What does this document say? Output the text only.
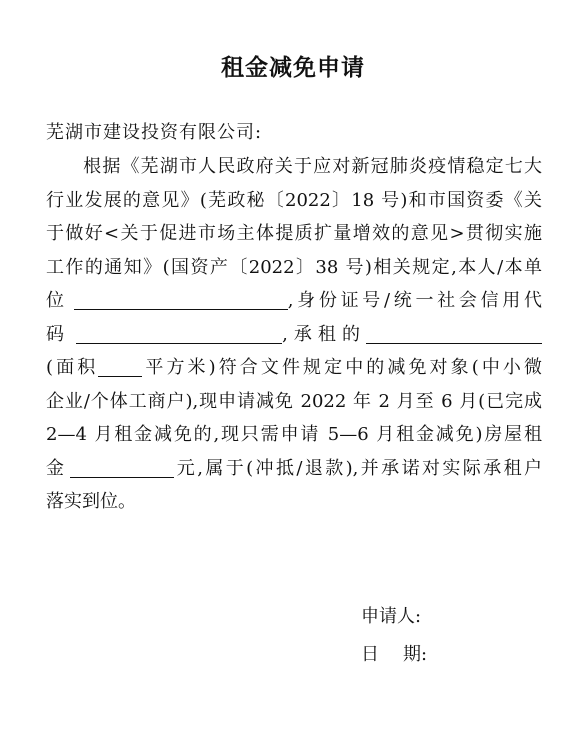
租金减免申请
芜湖市建设投资有限公司:
根据《芜湖市人民政府关于应对新冠肺炎疫情稳定七大
行业发展的意见》(芜政秘〔2022〕18 号)和市国资委《关
于做好<关于促进市场主体提质扩量增效的意见>贯彻实施
工作的通知》(国资产〔2022〕38 号)相关规定,本人/本单
位	,身份证号/统一社会信用代
码	,承租的
(面积 平方米)符合文件规定中的减免对象(中小微
企业/个体工商户),现申请减免 2022 年 2 月至 6 月(已完成
2—4 月租金减免的,现只需申请 5—6 月租金减免)房屋租
金	元,属于(冲抵/退款),并承诺对实际承租户
落实到位。
申请人:
日 期:
